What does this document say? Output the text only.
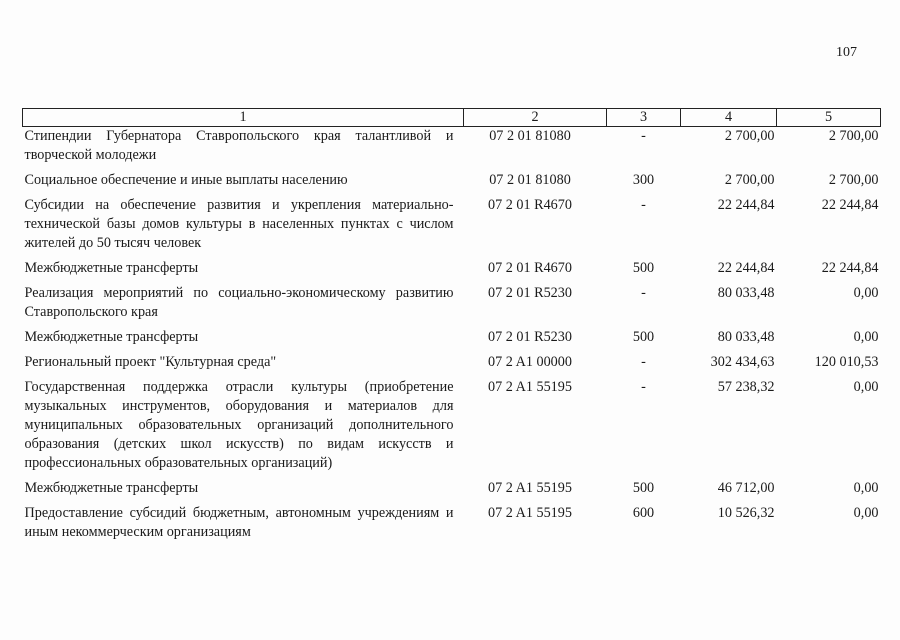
107
1	2	3	4	5
Стипендии Губернатора Ставропольского края талантливой и творческой молодежи	07 2 01 81080	-	2 700,00	2 700,00
Социальное обеспечение и иные выплаты населению	07 2 01 81080	300	2 700,00	2 700,00
Субсидии на обеспечение развития и укрепления материально-технической базы домов культуры в населенных пунктах с числом жителей до 50 тысяч человек	07 2 01 R4670	-	22 244,84	22 244,84
Межбюджетные трансферты	07 2 01 R4670	500	22 244,84	22 244,84
Реализация мероприятий по социально-экономическому развитию Ставропольского края	07 2 01 R5230	-	80 033,48	0,00
Межбюджетные трансферты	07 2 01 R5230	500	80 033,48	0,00
Региональный проект "Культурная среда"	07 2 A1 00000	-	302 434,63	120 010,53
Государственная поддержка отрасли культуры (приобретение музыкальных инструментов, оборудования и материалов для муниципальных образовательных организаций дополнительного образования (детских школ искусств) по видам искусств и профессиональных образовательных организаций)	07 2 A1 55195	-	57 238,32	0,00
Межбюджетные трансферты	07 2 A1 55195	500	46 712,00	0,00
Предоставление субсидий бюджетным, автономным учреждениям и иным некоммерческим организациям	07 2 A1 55195	600	10 526,32	0,00
